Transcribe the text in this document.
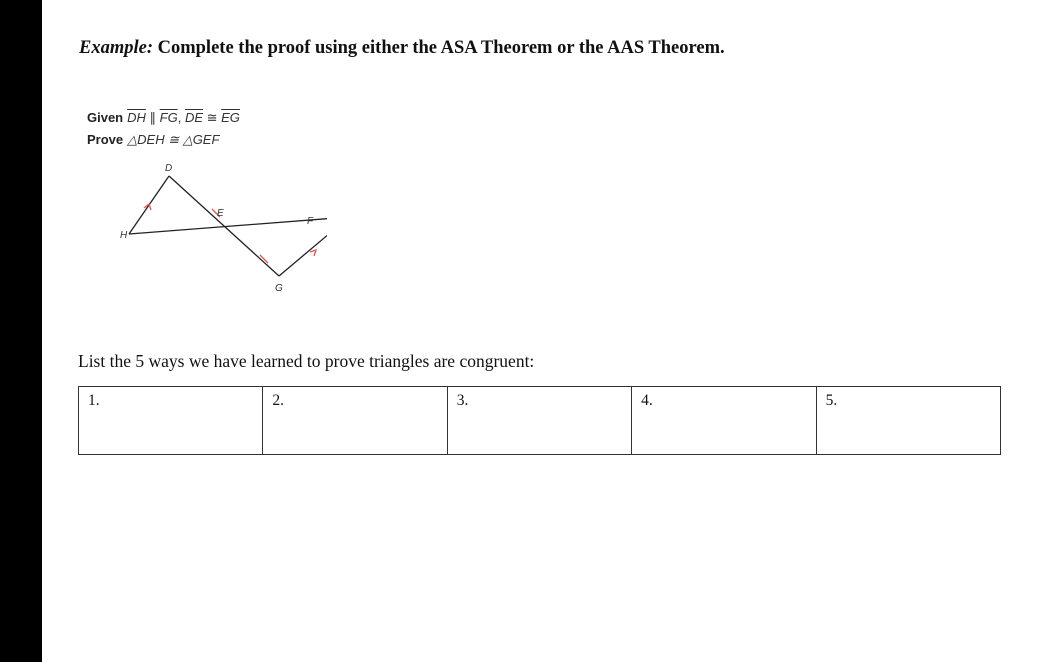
Example: Complete the proof using either the ASA Theorem or the AAS Theorem.
Given $\overline{DH}$ ∥ $\overline{FG}$, $\overline{DE}$ ≅ $\overline{EG}$
Prove △DEH ≅ △GEF
D
E
F
G
H
List the 5 ways we have learned to prove triangles are congruent:
1.	2.	3.	4.	5.
